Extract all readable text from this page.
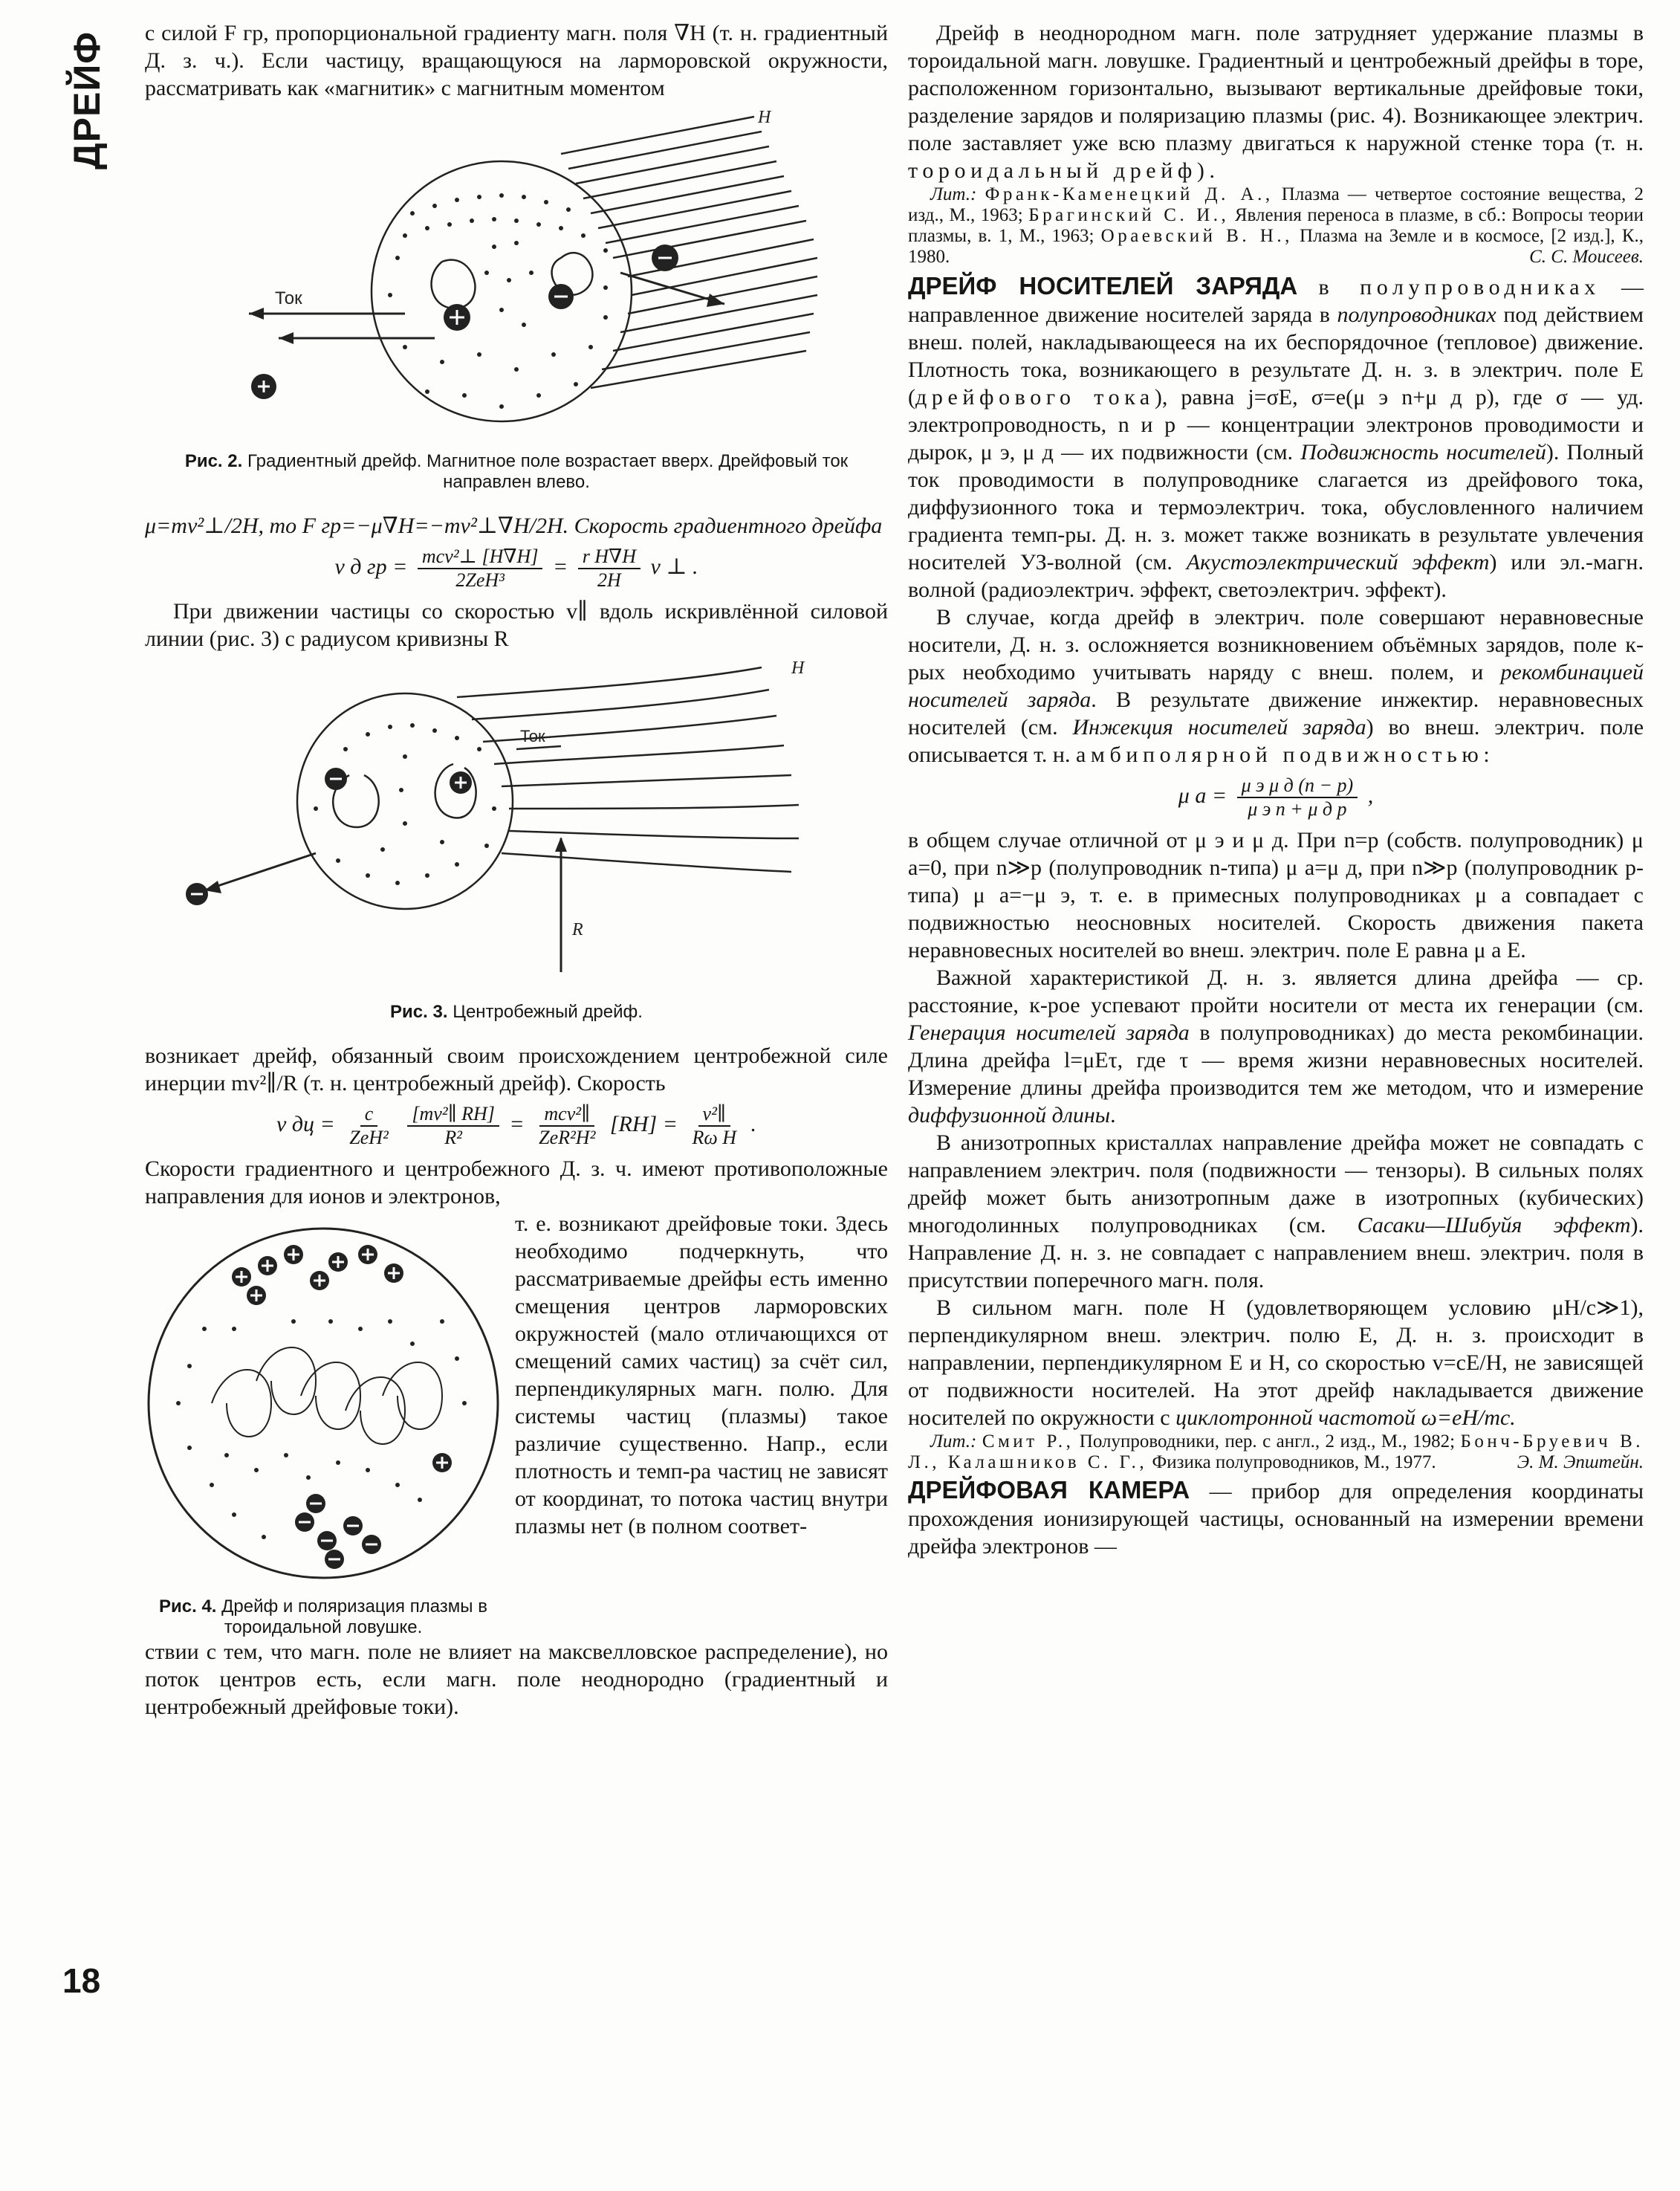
ДРЕЙФ
18

с силой F гр, пропорциональной градиенту магн. поля ∇H (т. н. градиентный Д. з. ч.). Если частицу, вращающуюся на ларморовской окружности, рассматривать как «магнитик» с магнитным моментом

H
Ток
Рис. 2. Градиентный дрейф. Магнитное поле возрастает вверх. Дрейфовый ток направлен влево.

μ=mv²⊥/2H, то F гр=−μ∇H=−mv²⊥∇H/2H. Скорость градиентного дрейфа

v д гр = $\frac{\text{mcv²⊥ [H∇H]}}{\text{2ZeH³}} = \frac{\text{r H∇H}}{2H}$ v ⊥ .

При движении частицы со скоростью v∥ вдоль искривлённой силовой линии (рис. 3) с радиусом кривизны R

H
Ток
R
Рис. 3. Центробежный дрейф.

возникает дрейф, обязанный своим происхождением центробежной силе инерции mv²∥/R (т. н. центробежный дрейф). Скорость

v дц = $\frac{c}{\text{ZeH²}}$
$\frac{\text{[mv²∥ RH]}}{\text{R²}} = \frac{\text{mcv²∥}}{\text{ZeR²H²}} [RH] = \frac{\text{v²∥}}{\text{Rω H}}$ .

Скорости градиентного и центробежного Д. з. ч. имеют противоположные направления для ионов и электронов,

Рис. 4. Дрейф и поляризация плазмы в тороидальной ловушке.

т. е. возникают дрейфовые токи. Здесь необходимо подчеркнуть, что рассматриваемые дрейфы есть именно смещения центров ларморовских окружностей (мало отличающихся от смещений самих частиц) за счёт сил, перпендикулярных магн. полю. Для системы частиц (плазмы) такое различие существенно. Напр., если плотность и темп-ра частиц не зависят от координат, то потока частиц внутри плазмы нет (в полном соответ-

ствии с тем, что магн. поле не влияет на максвелловское распределение), но поток центров есть, если магн. поле неоднородно (градиентный и центробежный дрейфовые токи).

Дрейф в неоднородном магн. поле затрудняет удержание плазмы в тороидальной магн. ловушке. Градиентный и центробежный дрейфы в торе, расположенном горизонтально, вызывают вертикальные дрейфовые токи, разделение зарядов и поляризацию плазмы (рис. 4). Возникающее электрич. поле заставляет уже всю плазму двигаться к наружной стенке тора (т. н. тороидальный дрейф).

Лит.: Франк-Каменецкий Д. А., Плазма — четвертое состояние вещества, 2 изд., М., 1963; Брагинский С. И., Явления переноса в плазме, в сб.: Вопросы теории плазмы, в. 1, М., 1963; Ораевский В. Н., Плазма на Земле и в космосе, [2 изд.], К., 1980.	С. С. Моисеев.

ДРЕЙФ НОСИТЕЛЕЙ ЗАРЯДА в полупроводниках — направленное движение носителей заряда в полупроводниках под действием внеш. полей, накладывающееся на их беспорядочное (тепловое) движение. Плотность тока, возникающего в результате Д. н. з. в электрич. поле E (дрейфового тока), равна j=σE, σ=e(μ э n+μ д p), где σ — уд. электропроводность, n и p — концентрации электронов проводимости и дырок, μ э, μ д — их подвижности (см. Подвижность носителей). Полный ток проводимости в полупроводнике слагается из дрейфового тока, диффузионного тока и термоэлектрич. тока, обусловленного наличием градиента темп-ры. Д. н. з. может также возникать в результате увлечения носителей УЗ-волной (см. Акустоэлектрический эффект) или эл.-магн. волной (радиоэлектрич. эффект, светоэлектрич. эффект).

В случае, когда дрейф в электрич. поле совершают неравновесные носители, Д. н. з. осложняется возникновением объёмных зарядов, поле к-рых необходимо учитывать наряду с внеш. полем, и рекомбинацией носителей заряда. В результате движение инжектир. неравновесных носителей (см. Инжекция носителей заряда) во внеш. электрич. поле описывается т. н. амбиполярной подвижностью:

μ $а = \frac{\text{μ э μ д (n − p)}}{\text{μ э n + μ д p}}$ ,

в общем случае отличной от μ э и μ д. При n=p (собств. полупроводник) μ а=0, при n≫p (полупроводник n-типа) μ а=μ д, при n≫p (полупроводник p-типа) μ а=−μ э, т. е. в примесных полупроводниках μ а совпадает с подвижностью неосновных носителей. Скорость движения пакета неравновесных носителей во внеш. электрич. поле E равна μ а E.

Важной характеристикой Д. н. з. является длина дрейфа — ср. расстояние, к-рое успевают пройти носители от места их генерации (см. Генерация носителей заряда в полупроводниках) до места рекомбинации. Длина дрейфа l=μEτ, где τ — время жизни неравновесных носителей. Измерение длины дрейфа производится тем же методом, что и измерение диффузионной длины.

В анизотропных кристаллах направление дрейфа может не совпадать с направлением электрич. поля (подвижности — тензоры). В сильных полях дрейф может быть анизотропным даже в изотропных (кубических) многодолинных полупроводниках (см. Сасаки—Шибуйя эффект). Направление Д. н. з. не совпадает с направлением внеш. электрич. поля в присутствии поперечного магн. поля.

В сильном магн. поле H (удовлетворяющем условию μH/c≫1), перпендикулярном внеш. электрич. полю E, Д. н. з. происходит в направлении, перпендикулярном E и H, со скоростью v=cE/H, не зависящей от подвижности носителей. На этот дрейф накладывается движение носителей по окружности с циклотронной частотой ω=eH/mc.

Лит.: Смит Р., Полупроводники, пер. с англ., 2 изд., М., 1982; Бонч-Бруевич В. Л., Калашников С. Г., Физика полупроводников, М., 1977.	Э. М. Эпштейн.

ДРЕЙФОВАЯ КАМЕРА — прибор для определения координаты прохождения ионизирующей частицы, основанный на измерении времени дрейфа электронов —
